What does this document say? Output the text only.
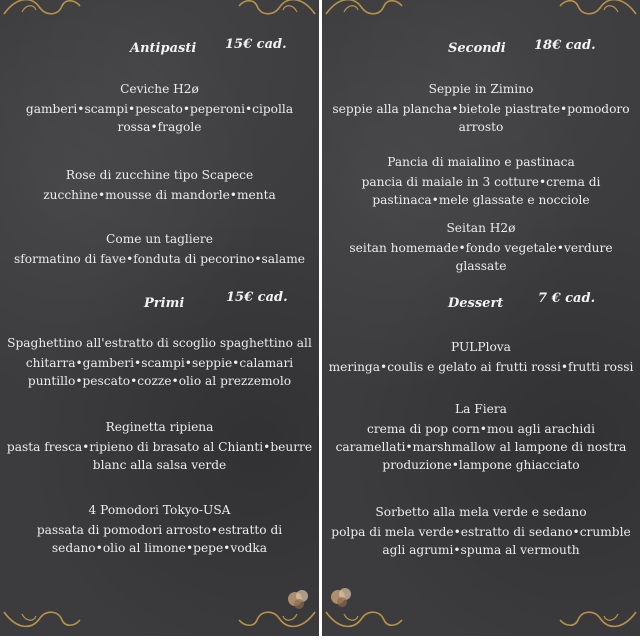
Antipasti 15€ cad.
Ceviche H2ø
gamberi•scampi•pescato•peperoni•cipolla rossa•fragole
Rose di zucchine tipo Scapece
zucchine•mousse di mandorle•menta
Come un tagliere
sformatino di fave•fonduta di pecorino•salame
Primi	15€ cad.
Spaghettino all'estratto di scoglio spaghettino all
chitarra•gamberi•scampi•seppie•calamari puntillo•pescato•cozze•olio al prezzemolo
Reginetta ripiena
pasta fresca•ripieno di brasato al Chianti•beurre blanc alla salsa verde
4 Pomodori Tokyo-USA
passata di pomodori arrosto•estratto di sedano•olio al limone•pepe•vodka
Secondi 18€ cad.
Seppie in Zimino
seppie alla plancha•bietole piastrate•pomodoro arrosto
Pancia di maialino e pastinaca
pancia di maiale in 3 cotture•crema di pastinaca•mele glassate e nocciole
Seitan H2ø
seitan homemade•fondo vegetale•verdure glassate
Dessert	7 € cad.
PULPlova
meringa•coulis e gelato ai frutti rossi•frutti rossi
La Fiera
crema di pop corn•mou agli arachidi caramellati•marshmallow al lampone di nostra produzione•lampone ghiacciato
Sorbetto alla mela verde e sedano
polpa di mela verde•estratto di sedano•crumble agli agrumi•spuma al vermouth
